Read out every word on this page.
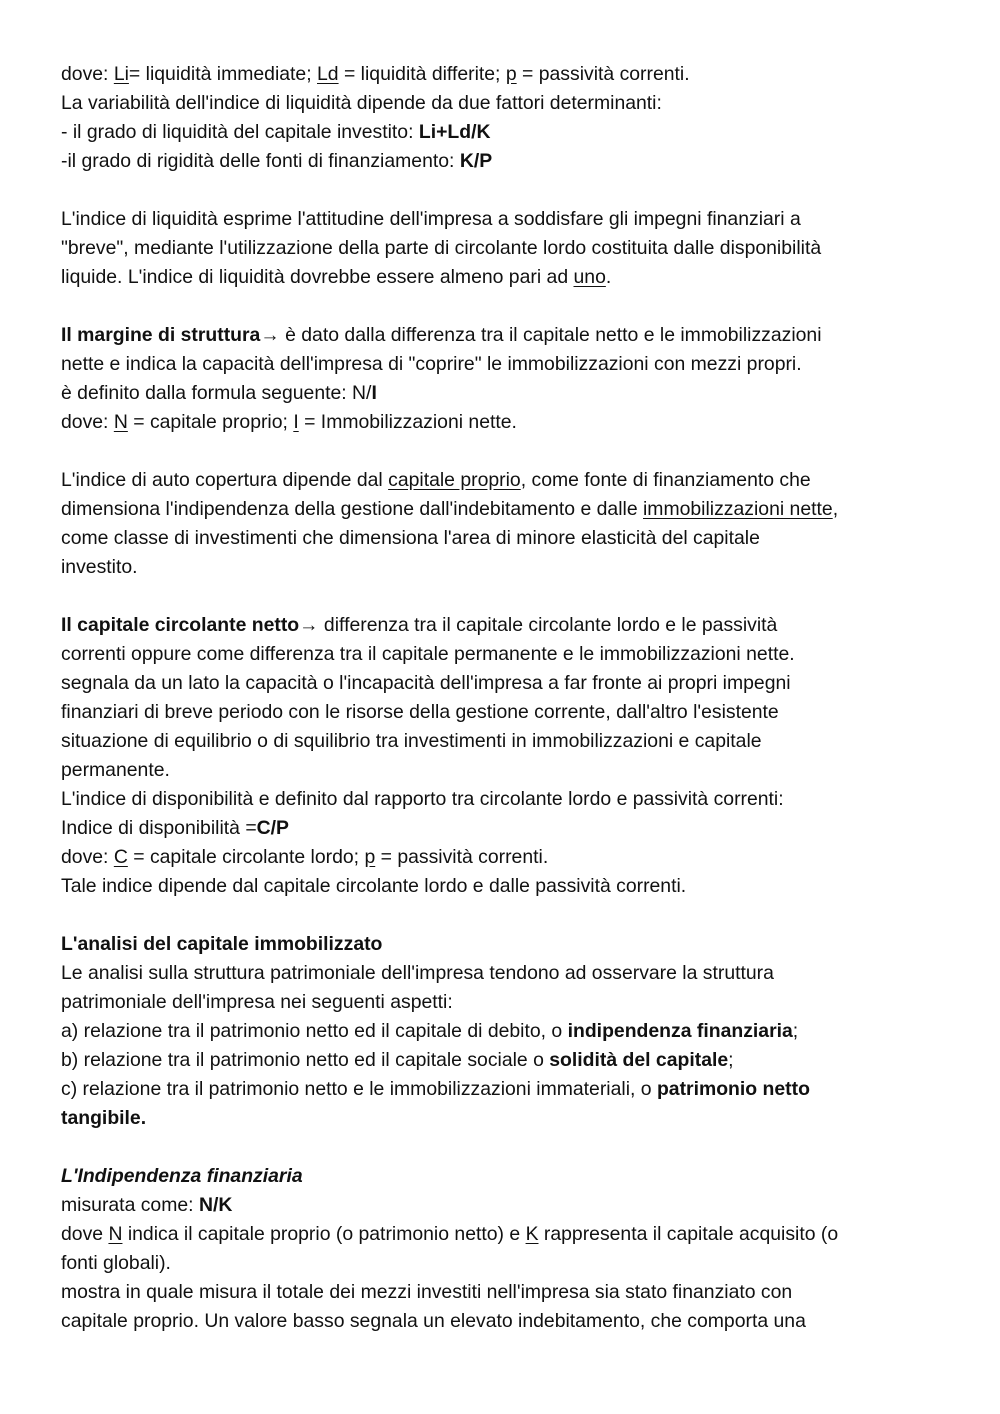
dove: Li= liquidità immediate; Ld = liquidità differite; p = passività correnti.
La variabilità dell'indice di liquidità dipende da due fattori determinanti:
- il grado di liquidità del capitale investito: Li+Ld/K
-il grado di rigidità delle fonti di finanziamento: K/P
L'indice di liquidità esprime l'attitudine dell'impresa a soddisfare gli impegni finanziari a
"breve", mediante l'utilizzazione della parte di circolante lordo costituita dalle disponibilità
liquide. L'indice di liquidità dovrebbe essere almeno pari ad uno.
Il margine di struttura→ è dato dalla differenza tra il capitale netto e le immobilizzazioni
nette e indica la capacità dell'impresa di "coprire" le immobilizzazioni con mezzi propri.
è definito dalla formula seguente: N/I
dove: N = capitale proprio; I = Immobilizzazioni nette.
L'indice di auto copertura dipende dal capitale proprio, come fonte di finanziamento che
dimensiona l'indipendenza della gestione dall'indebitamento e dalle immobilizzazioni nette,
come classe di investimenti che dimensiona l'area di minore elasticità del capitale
investito.
Il capitale circolante netto→ differenza tra il capitale circolante lordo e le passività
correnti oppure come differenza tra il capitale permanente e le immobilizzazioni nette.
segnala da un lato la capacità o l'incapacità dell'impresa a far fronte ai propri impegni
finanziari di breve periodo con le risorse della gestione corrente, dall'altro l'esistente
situazione di equilibrio o di squilibrio tra investimenti in immobilizzazioni e capitale
permanente.
L'indice di disponibilità e definito dal rapporto tra circolante lordo e passività correnti:
Indice di disponibilità =C/P
dove: C = capitale circolante lordo; p = passività correnti.
Tale indice dipende dal capitale circolante lordo e dalle passività correnti.
L'analisi del capitale immobilizzato
Le analisi sulla struttura patrimoniale dell'impresa tendono ad osservare la struttura
patrimoniale dell'impresa nei seguenti aspetti:
a) relazione tra il patrimonio netto ed il capitale di debito, o indipendenza finanziaria;
b) relazione tra il patrimonio netto ed il capitale sociale o solidità del capitale;
c) relazione tra il patrimonio netto e le immobilizzazioni immateriali, o patrimonio netto
tangibile.
L'Indipendenza finanziaria
misurata come: N/K
dove N indica il capitale proprio (o patrimonio netto) e K rappresenta il capitale acquisito (o
fonti globali).
mostra in quale misura il totale dei mezzi investiti nell'impresa sia stato finanziato con
capitale proprio. Un valore basso segnala un elevato indebitamento, che comporta una
